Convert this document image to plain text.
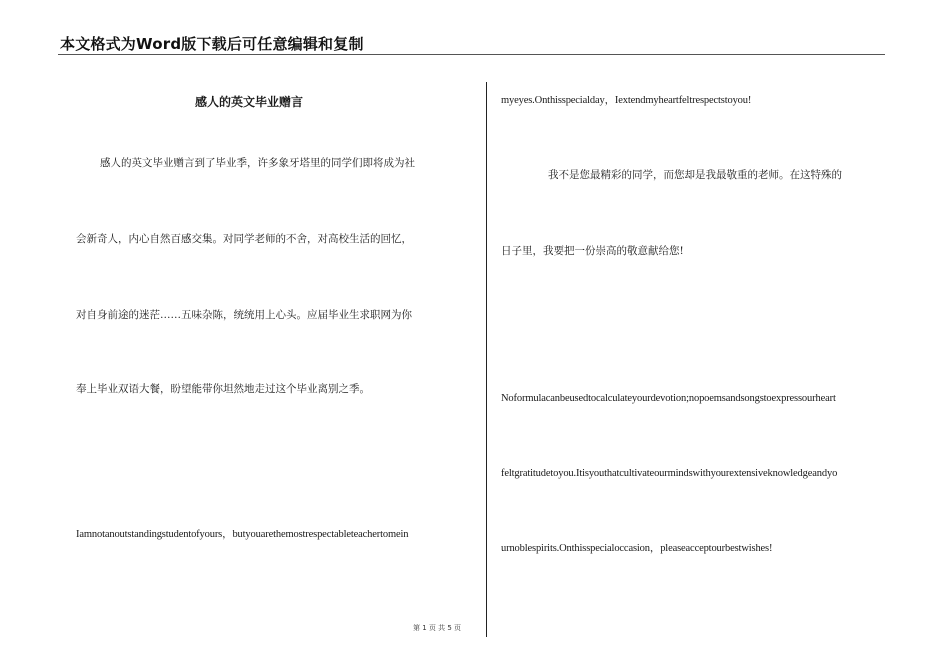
本文格式为Word版下载后可任意编辑和复制
感人的英文毕业赠言
感人的英文毕业赠言到了毕业季，许多象牙塔里的同学们即将成为社
会新奇人，内心自然百感交集。对同学老师的不舍，对高校生活的回忆，
对自身前途的迷茫……五味杂陈，统统用上心头。应届毕业生求职网为你
奉上毕业双语大餐，盼望能带你坦然地走过这个毕业离别之季。
Iamnotanoutstandingstudentofyours，butyouarethemostrespectableteachertomein
myeyes.Onthisspecialday，Iextendmyheartfeltrespectstoyou!
我不是您最精彩的同学，而您却是我最敬重的老师。在这特殊的
日子里，我要把一份崇高的敬意献给您!
Noformulacanbeusedtocalculateyourdevotion;nopoemsandsongstoexpressourheart
feltgratitudetoyou.Itisyouthatcultivateourmindswithyourextensiveknowledgeandyo
urnoblespirits.Onthisspecialoccasion，pleaseacceptourbestwishes!
第 1 页 共 5 页
